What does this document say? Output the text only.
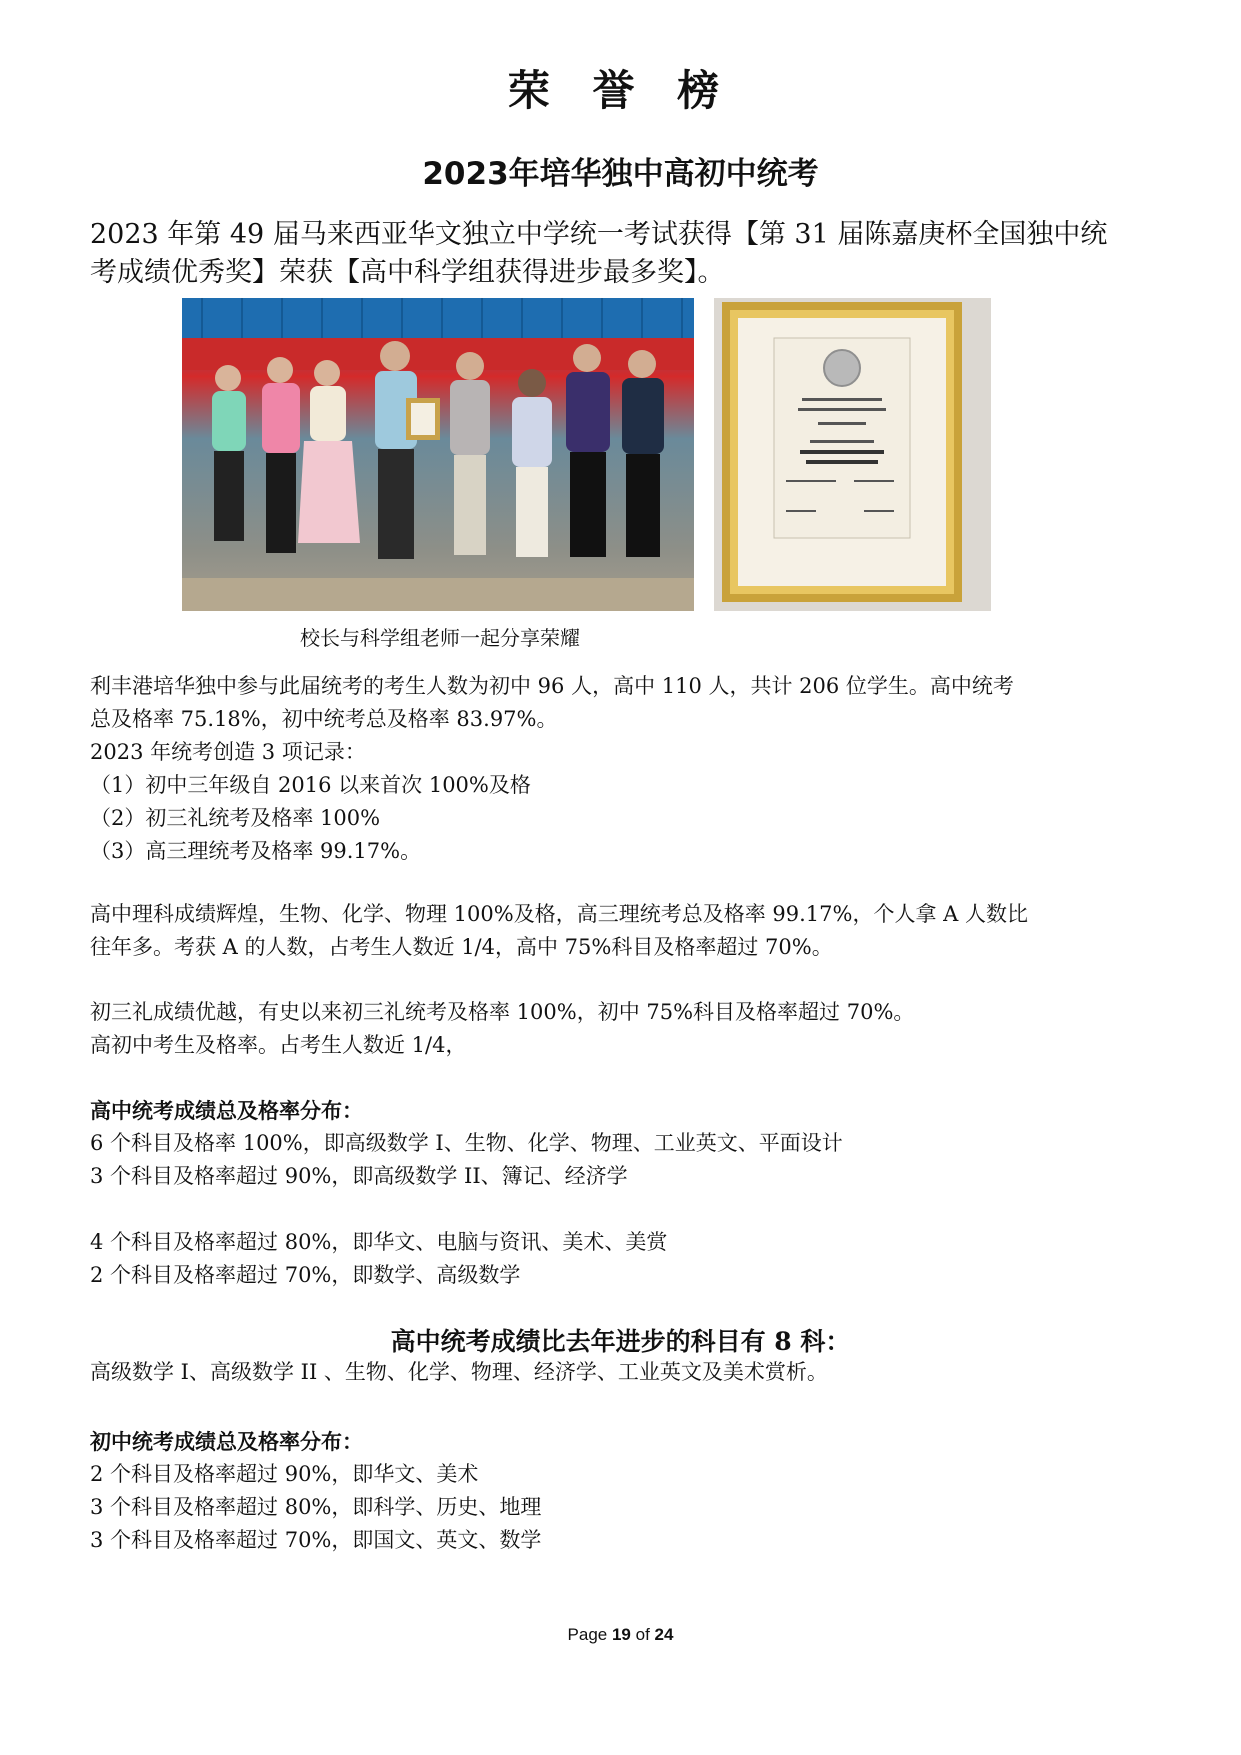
荣 誉 榜
2023年培华独中高初中统考
2023 年第 49 届马来西亚华文独立中学统一考试获得【第 31 届陈嘉庚杯全国独中统
考成绩优秀奖】荣获【高中科学组获得进步最多奖】。
校长与科学组老师一起分享荣耀
利丰港培华独中参与此届统考的考生人数为初中 96 人，高中 110 人，共计 206 位学生。高中统考
总及格率 75.18%，初中统考总及格率 83.97%。
2023 年统考创造 3 项记录：
（1）初中三年级自 2016 以来首次 100%及格
（2）初三礼统考及格率 100%
（3）高三理统考及格率 99.17%。
高中理科成绩辉煌，生物、化学、物理 100%及格，高三理统考总及格率 99.17%，个人拿 A 人数比
往年多。考获 A 的人数，占考生人数近 1/4，高中 75%科目及格率超过 70%。
初三礼成绩优越，有史以来初三礼统考及格率 100%，初中 75%科目及格率超过 70%。
高初中考生及格率。占考生人数近 1/4，
高中统考成绩总及格率分布：
6 个科目及格率 100%，即高级数学 I、生物、化学、物理、工业英文、平面设计
3 个科目及格率超过 90%，即高级数学 II、簿记、经济学
4 个科目及格率超过 80%，即华文、电脑与资讯、美术、美赏
2 个科目及格率超过 70%，即数学、高级数学
高中统考成绩比去年进步的科目有 8 科：
高级数学 I、高级数学 II 、生物、化学、物理、经济学、工业英文及美术赏析。
初中统考成绩总及格率分布：
2 个科目及格率超过 90%，即华文、美术
3 个科目及格率超过 80%，即科学、历史、地理
3 个科目及格率超过 70%，即国文、英文、数学
Page 19 of 24
